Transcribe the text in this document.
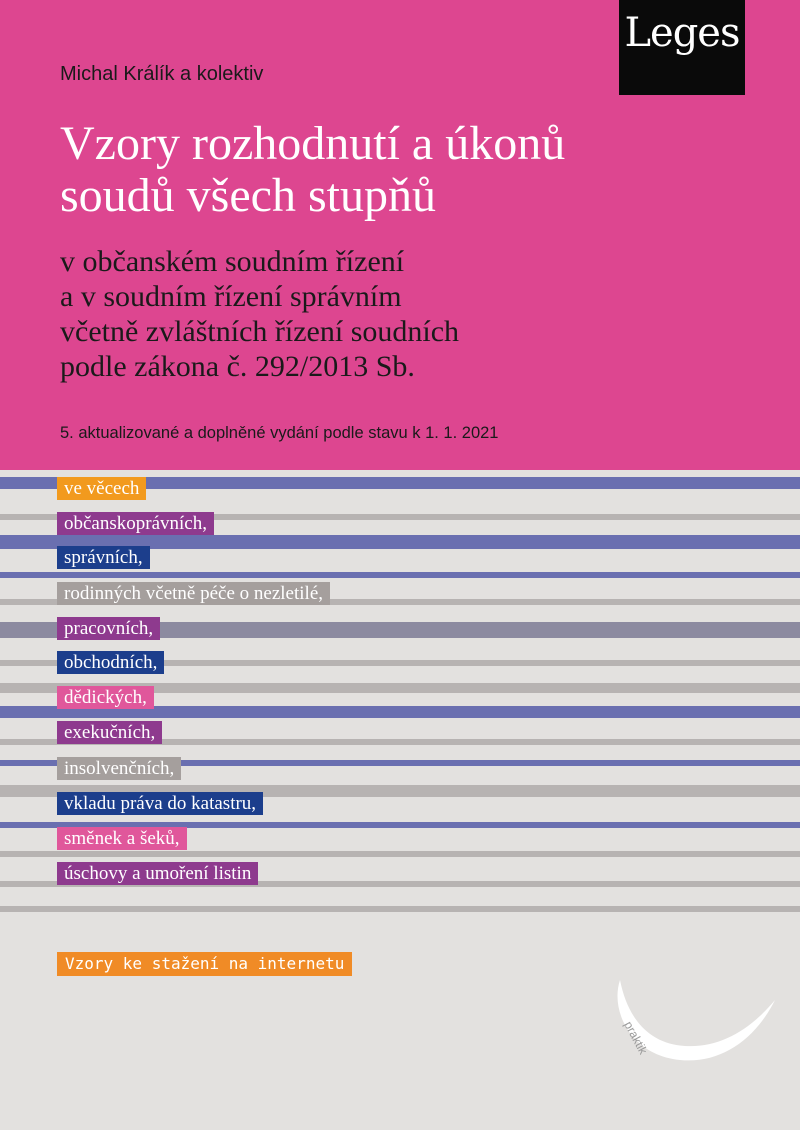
Michal Králík a kolektiv
Vzory rozhodnutí a úkonů
soudů všech stupňů
v občanském soudním řízení
a v soudním řízení správním
včetně zvláštních řízení soudních
podle zákona č. 292/2013 Sb.
5. aktualizované a doplněné vydání podle stavu k 1. 1. 2021
Leges
ve věcech
občanskoprávních,
správních,
rodinných včetně péče o nezletilé,
pracovních,
obchodních,
dědických,
exekučních,
insolvenčních,
vkladu práva do katastru,
směnek a šeků,
úschovy a umoření listin
Vzory ke stažení na internetu
praktik
